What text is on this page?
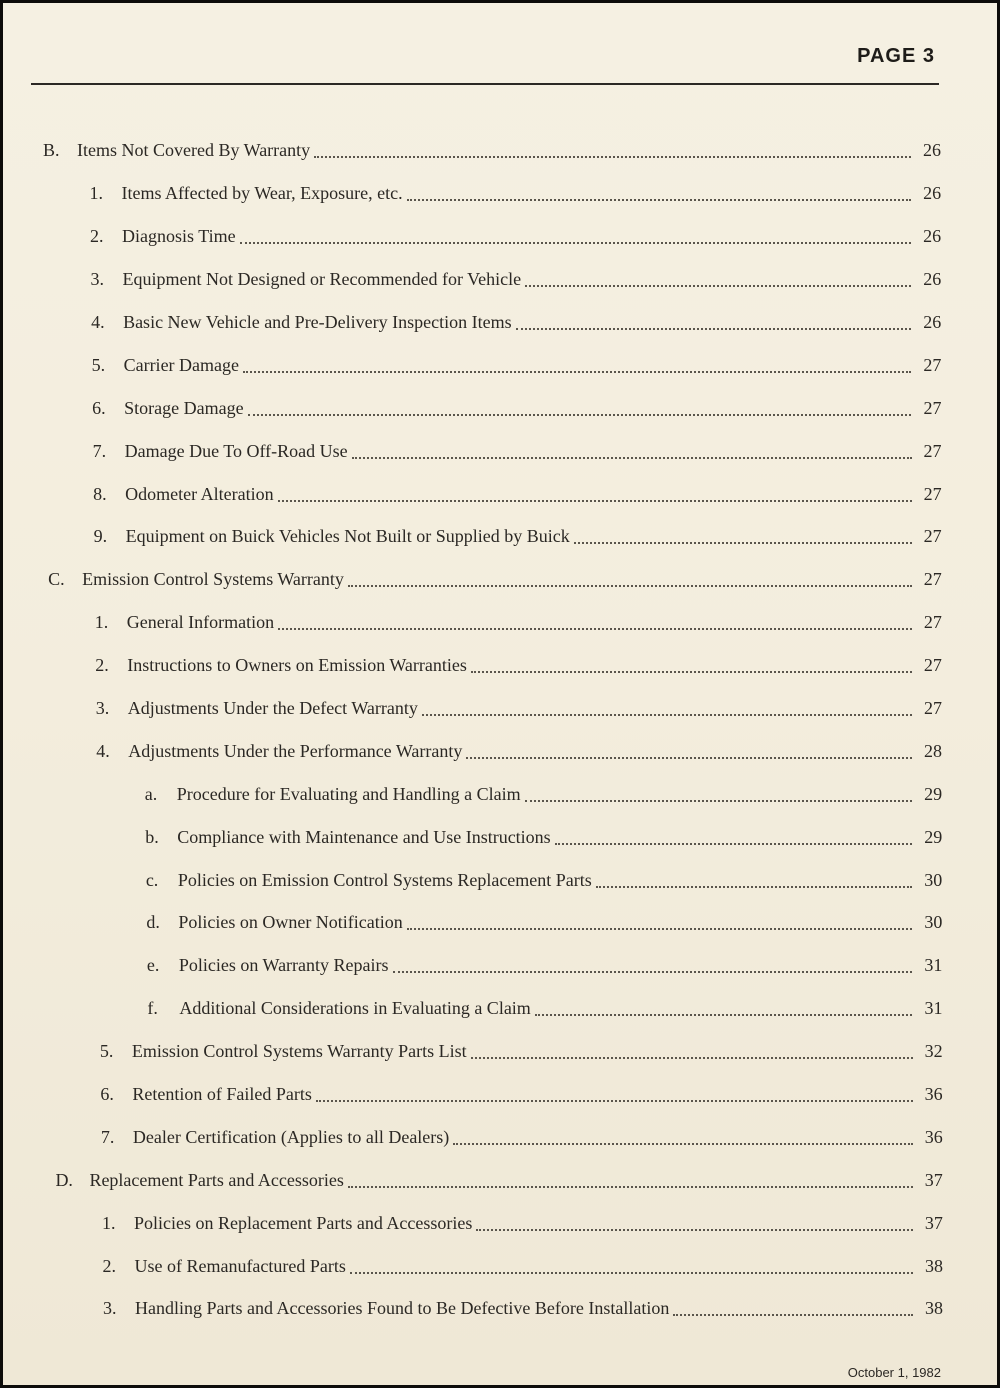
PAGE 3
B. Items Not Covered By Warranty	26
1.	Items Affected by Wear, Exposure, etc.	26
2.	Diagnosis Time	26
3.	Equipment Not Designed or Recommended for Vehicle	26
4.	Basic New Vehicle and Pre-Delivery Inspection Items	26
5.	Carrier Damage	27
6.	Storage Damage	27
7.	Damage Due To Off-Road Use	27
8.	Odometer Alteration	27
9.	Equipment on Buick Vehicles Not Built or Supplied by Buick	27
C. Emission Control Systems Warranty	27
1.	General Information	27
2.	Instructions to Owners on Emission Warranties	27
3.	Adjustments Under the Defect Warranty	27
4.	Adjustments Under the Performance Warranty	28
a.	Procedure for Evaluating and Handling a Claim	29
b.	Compliance with Maintenance and Use Instructions	29
c.	Policies on Emission Control Systems Replacement Parts	30
d.	Policies on Owner Notification	30
e.	Policies on Warranty Repairs	31
f.	Additional Considerations in Evaluating a Claim	31
5.	Emission Control Systems Warranty Parts List	32
6.	Retention of Failed Parts	36
7.	Dealer Certification (Applies to all Dealers)	36
D. Replacement Parts and Accessories	37
1.	Policies on Replacement Parts and Accessories	37
2.	Use of Remanufactured Parts	38
3.	Handling Parts and Accessories Found to Be Defective Before Installation	38
October 1, 1982
